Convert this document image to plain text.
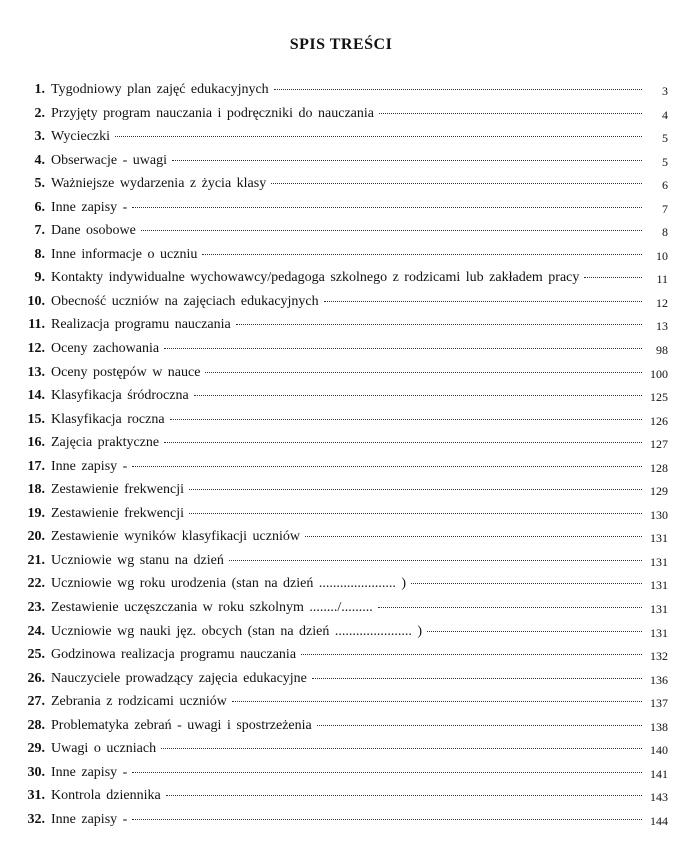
SPIS TREŚCI
1. Tygodniowy plan zajęć edukacyjnych	3
2. Przyjęty program nauczania i podręczniki do nauczania	4
3. Wycieczki	5
4. Obserwacje - uwagi	5
5. Ważniejsze wydarzenia z życia klasy	6
6. Inne zapisy -	7
7. Dane osobowe	8
8. Inne informacje o uczniu	10
9. Kontakty indywidualne wychowawcy/pedagoga szkolnego z rodzicami lub zakładem pracy	11
10. Obecność uczniów na zajęciach edukacyjnych	12
11. Realizacja programu nauczania	13
12. Oceny zachowania	98
13. Oceny postępów w nauce	100
14. Klasyfikacja śródroczna	125
15. Klasyfikacja roczna	126
16. Zajęcia praktyczne	127
17. Inne zapisy -	128
18. Zestawienie frekwencji	129
19. Zestawienie frekwencji	130
20. Zestawienie wyników klasyfikacji uczniów	131
21. Uczniowie wg stanu na dzień	131
22. Uczniowie wg roku urodzenia (stan na dzień ...................... )	131
23. Zestawienie uczęszczania w roku szkolnym ......../.........	131
24. Uczniowie wg nauki jęz. obcych (stan na dzień ...................... )	131
25. Godzinowa realizacja programu nauczania	132
26. Nauczyciele prowadzący zajęcia edukacyjne	136
27. Zebrania z rodzicami uczniów	137
28. Problematyka zebrań - uwagi i spostrzeżenia	138
29. Uwagi o uczniach	140
30. Inne zapisy -	141
31. Kontrola dziennika	143
32. Inne zapisy -	144
